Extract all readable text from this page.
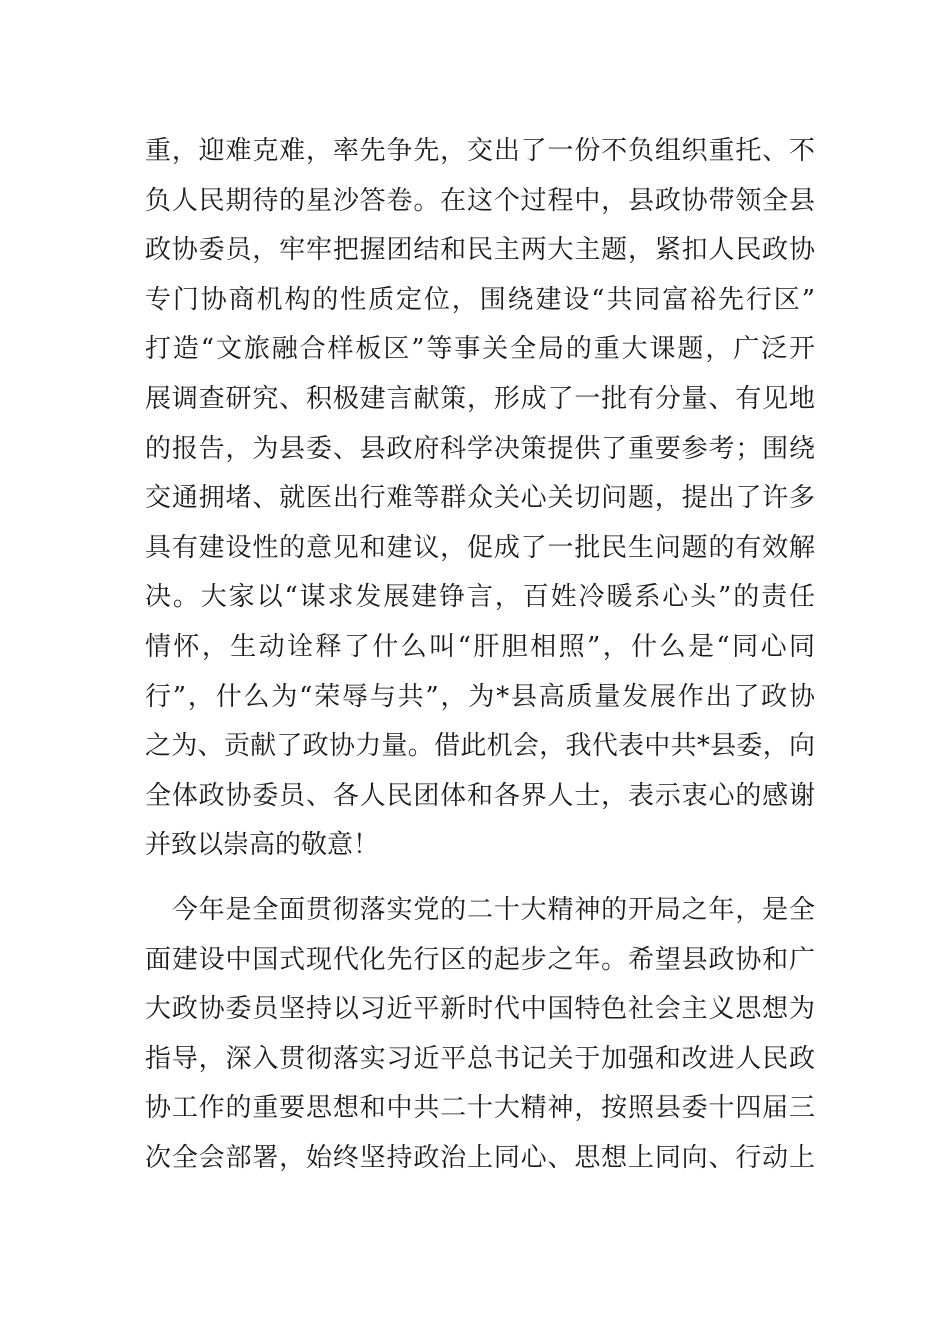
重，迎难克难，率先争先，交出了一份不负组织重托、不
负人民期待的星沙答卷。在这个过程中，县政协带领全县
政协委员，牢牢把握团结和民主两大主题，紧扣人民政协
专门协商机构的性质定位，围绕建设“共同富裕先行区”
打造“文旅融合样板区”等事关全局的重大课题，广泛开
展调查研究、积极建言献策，形成了一批有分量、有见地
的报告，为县委、县政府科学决策提供了重要参考；围绕
交通拥堵、就医出行难等群众关心关切问题，提出了许多
具有建设性的意见和建议，促成了一批民生问题的有效解
决。大家以“谋求发展建铮言，百姓冷暖系心头”的责任
情怀，生动诠释了什么叫“肝胆相照”，什么是“同心同
行”，什么为“荣辱与共”，为*县高质量发展作出了政协
之为、贡献了政协力量。借此机会，我代表中共*县委，向
全体政协委员、各人民团体和各界人士，表示衷心的感谢
并致以崇高的敬意！
　今年是全面贯彻落实党的二十大精神的开局之年，是全
面建设中国式现代化先行区的起步之年。希望县政协和广
大政协委员坚持以习近平新时代中国特色社会主义思想为
指导，深入贯彻落实习近平总书记关于加强和改进人民政
协工作的重要思想和中共二十大精神，按照县委十四届三
次全会部署，始终坚持政治上同心、思想上同向、行动上
